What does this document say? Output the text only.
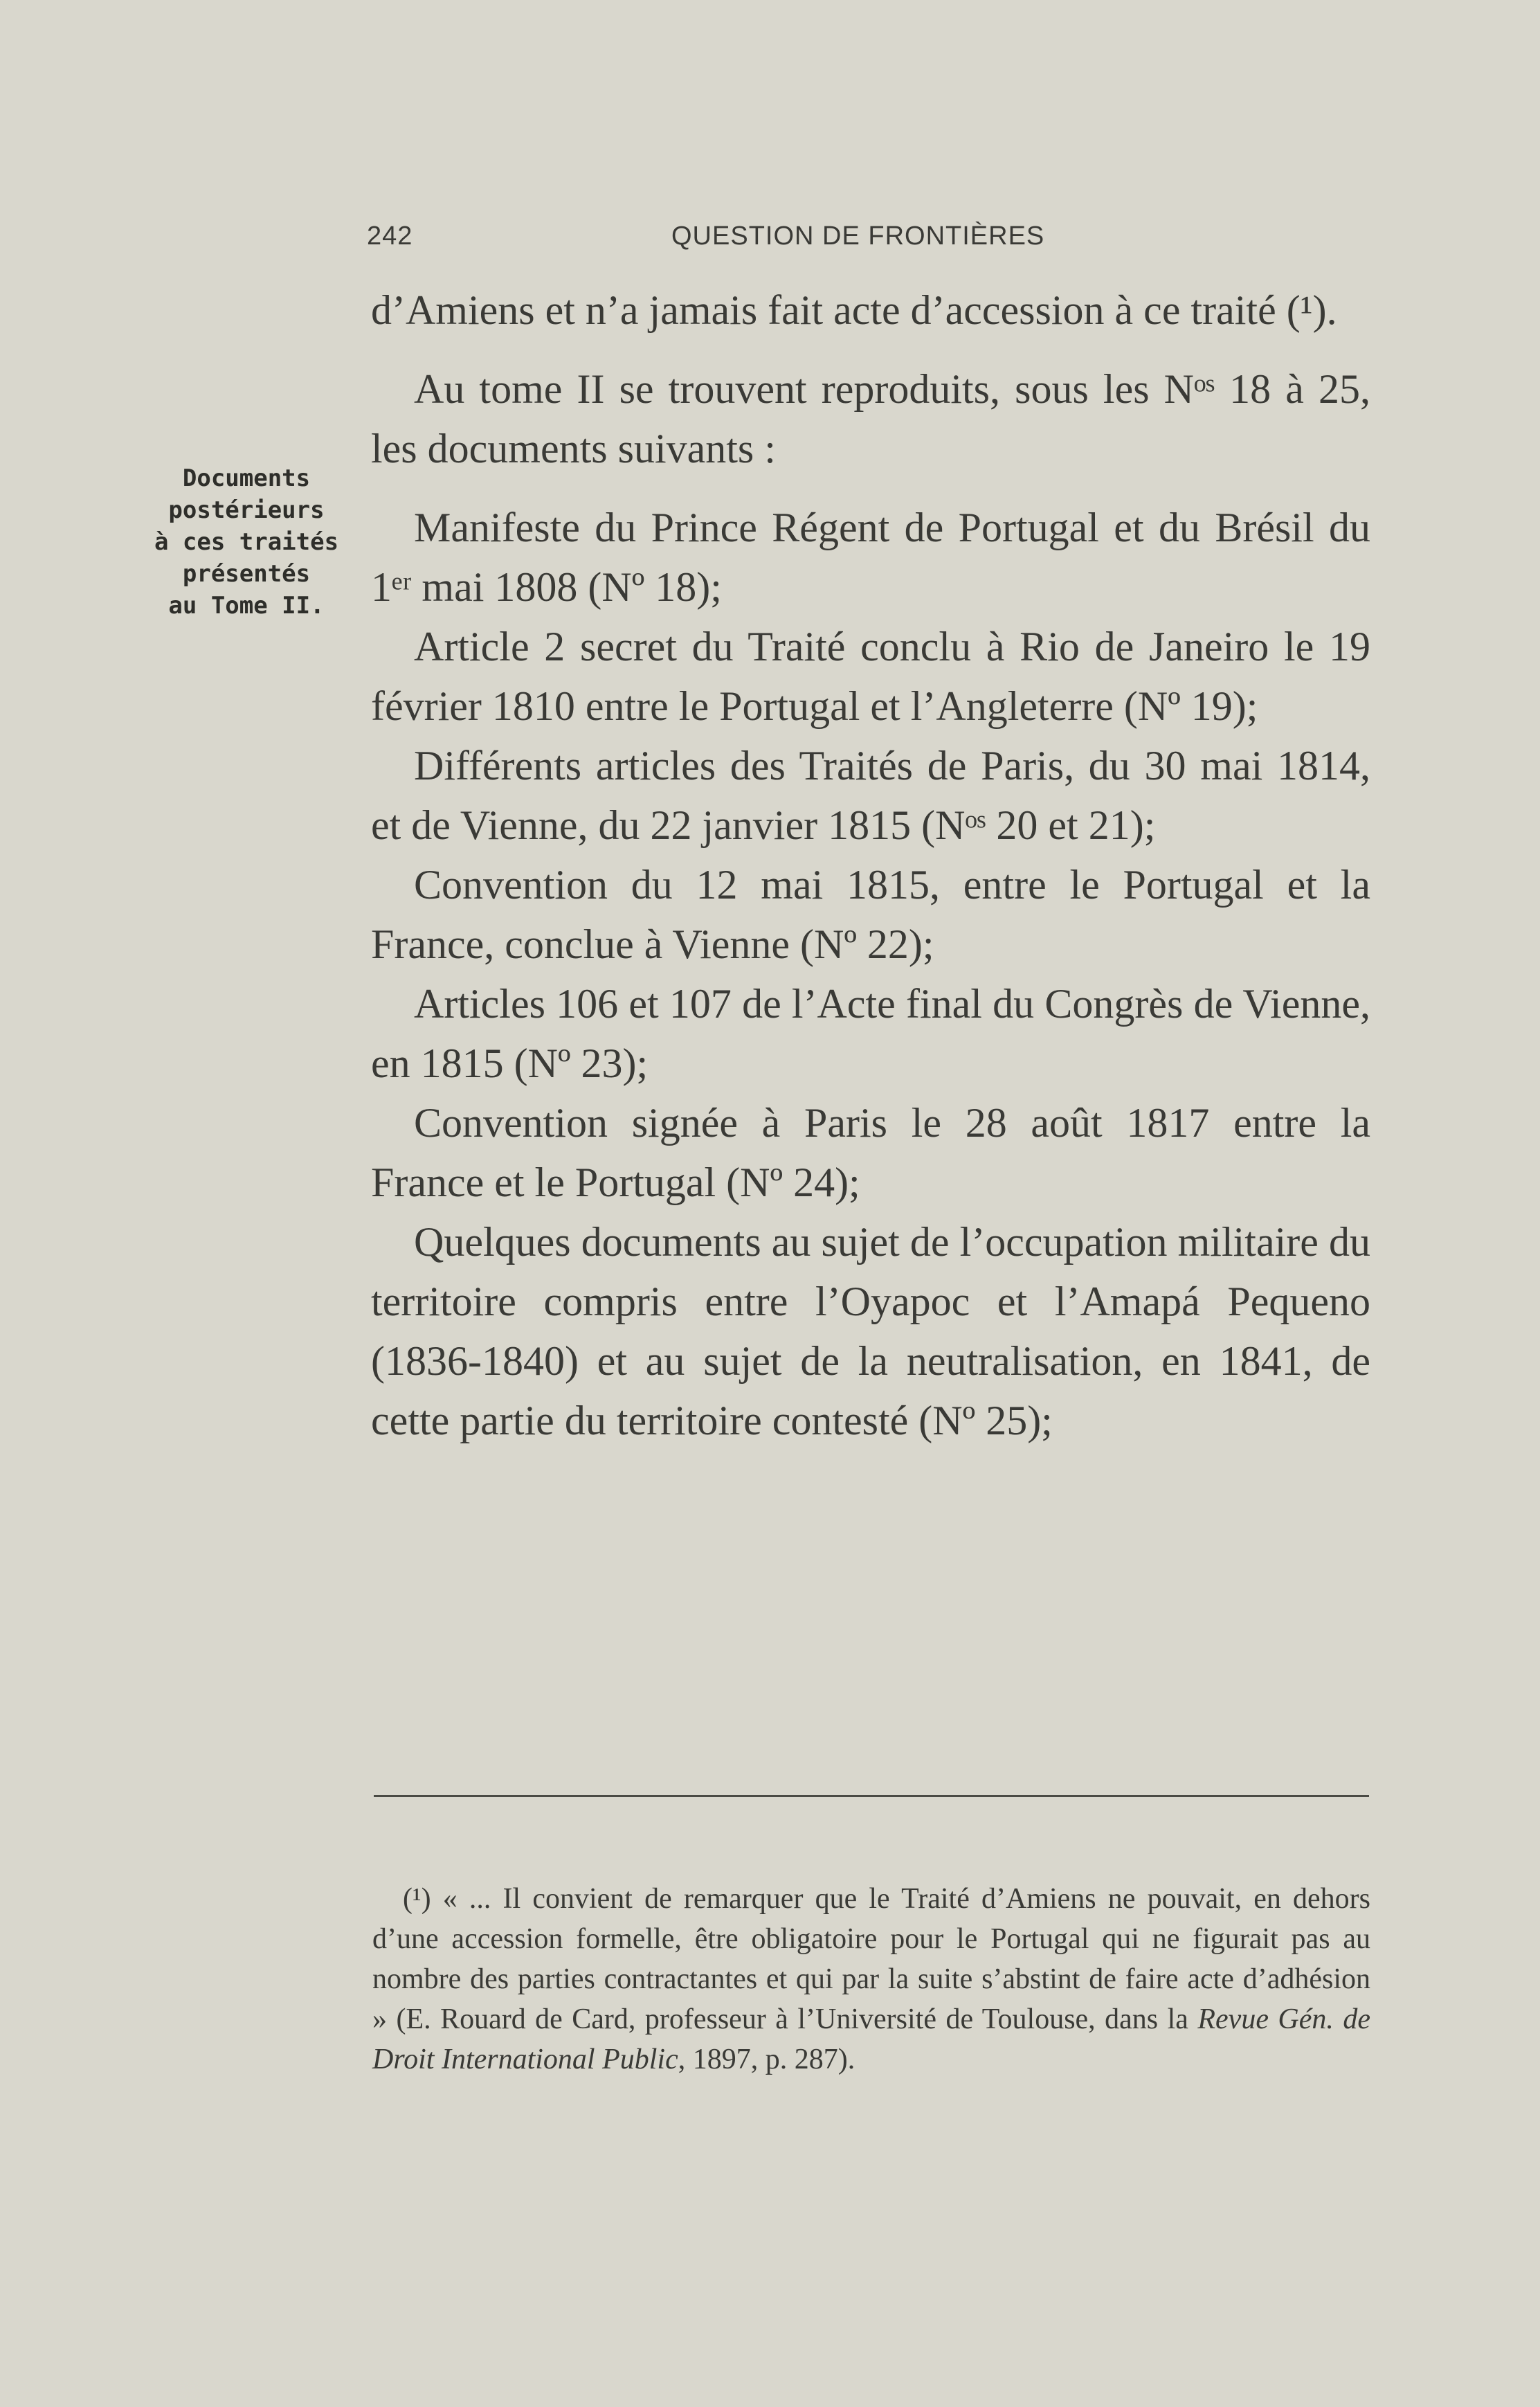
242	QUESTION DE FRONTIÈRES
Documents
postérieurs
à ces traités
présentés
au Tome II.

d’Amiens et n’a jamais fait acte d’accession à ce traité (¹).

Au tome II se trouvent reproduits, sous les Nᵒˢ 18 à 25, les documents suivants :

Manifeste du Prince Régent de Portugal et du Brésil du 1ᵉʳ mai 1808 (Nº 18);

Article 2 secret du Traité conclu à Rio de Janeiro le 19 février 1810 entre le Portugal et l’Angleterre (Nº 19);

Différents articles des Traités de Paris, du 30 mai 1814, et de Vienne, du 22 janvier 1815 (Nᵒˢ 20 et 21);

Convention du 12 mai 1815, entre le Portugal et la France, conclue à Vienne (Nº 22);

Articles 106 et 107 de l’Acte final du Congrès de Vienne, en 1815 (Nº 23);

Convention signée à Paris le 28 août 1817 entre la France et le Portugal (Nº 24);

Quelques documents au sujet de l’occupation militaire du territoire compris entre l’Oyapoc et l’Amapá Pequeno (1836-1840) et au sujet de la neutralisation, en 1841, de cette partie du territoire contesté (Nº 25);

(¹) « ... Il convient de remarquer que le Traité d’Amiens ne pouvait, en dehors d’une accession formelle, être obligatoire pour le Portugal qui ne figurait pas au nombre des parties contractantes et qui par la suite s’abstint de faire acte d’adhésion » (E. Rouard de Card, professeur à l’Université de Toulouse, dans la Revue Gén. de Droit International Public, 1897, p. 287).
